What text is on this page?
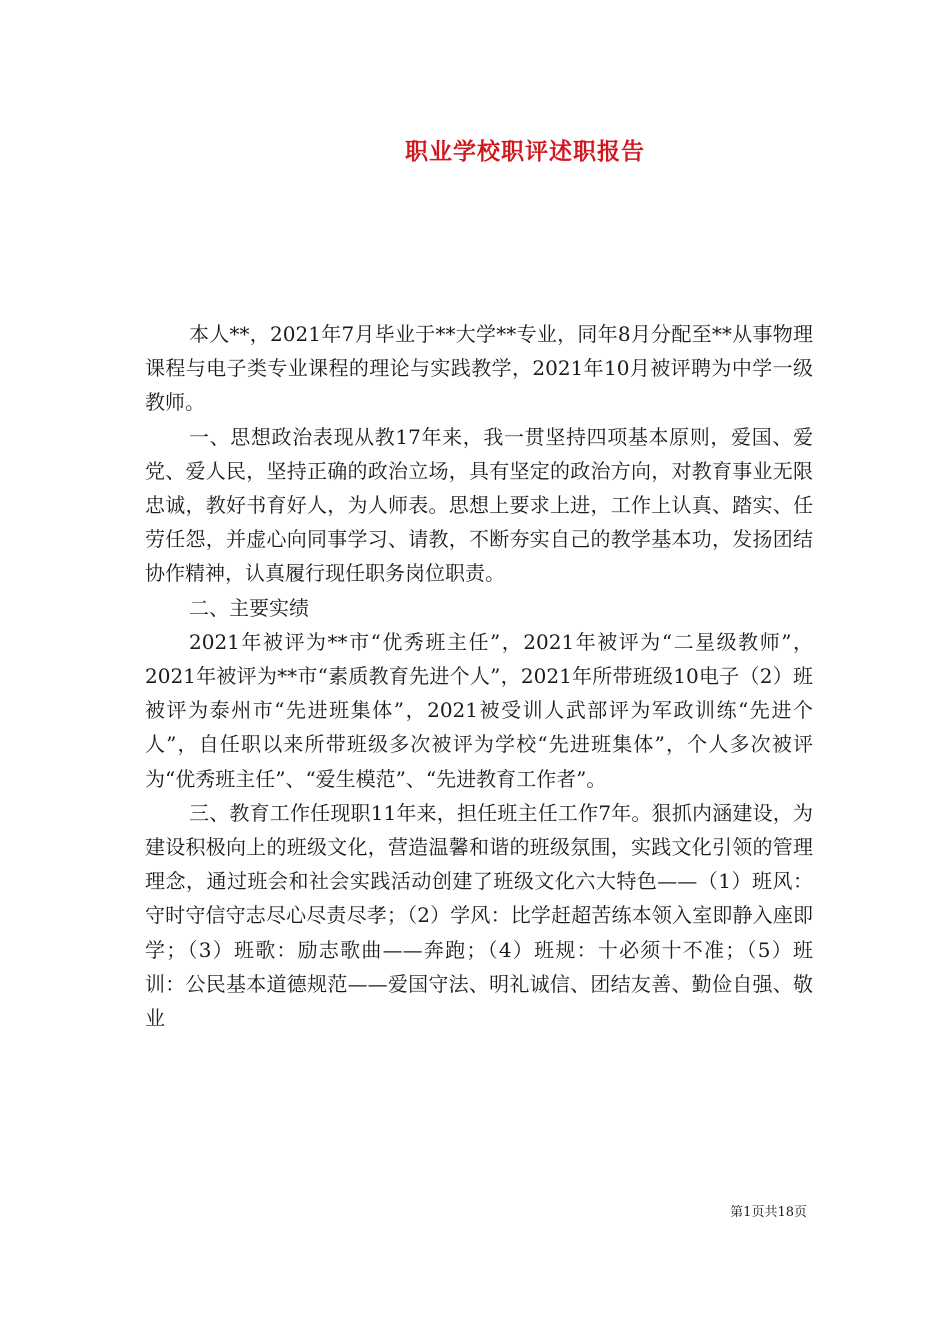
职业学校职评述职报告

本人**，2021年7月毕业于**大学**专业，同年8月分配至**从事物理课程与电子类专业课程的理论与实践教学，2021年10月被评聘为中学一级教师。

一、思想政治表现从教17年来，我一贯坚持四项基本原则，爱国、爱党、爱人民，坚持正确的政治立场，具有坚定的政治方向，对教育事业无限忠诚，教好书育好人，为人师表。思想上要求上进，工作上认真、踏实、任劳任怨，并虚心向同事学习、请教，不断夯实自己的教学基本功，发扬团结协作精神，认真履行现任职务岗位职责。

二、主要实绩

2021年被评为**市“优秀班主任”，2021年被评为“二星级教师”，2021年被评为**市“素质教育先进个人”，2021年所带班级10电子（2）班被评为泰州市“先进班集体”，2021被受训人武部评为军政训练“先进个人”，自任职以来所带班级多次被评为学校“先进班集体”，个人多次被评为“优秀班主任”、“爱生模范”、“先进教育工作者”。

三、教育工作任现职11年来，担任班主任工作7年。狠抓内涵建设，为建设积极向上的班级文化，营造温馨和谐的班级氛围，实践文化引领的管理理念，通过班会和社会实践活动创建了班级文化六大特色——（1）班风：守时守信守志尽心尽责尽孝；（2）学风：比学赶超苦练本领入室即静入座即学；（3）班歌：励志歌曲——奔跑；（4）班规：十必须十不准；（5）班训：公民基本道德规范——爱国守法、明礼诚信、团结友善、勤俭自强、敬业

第1页共18页
